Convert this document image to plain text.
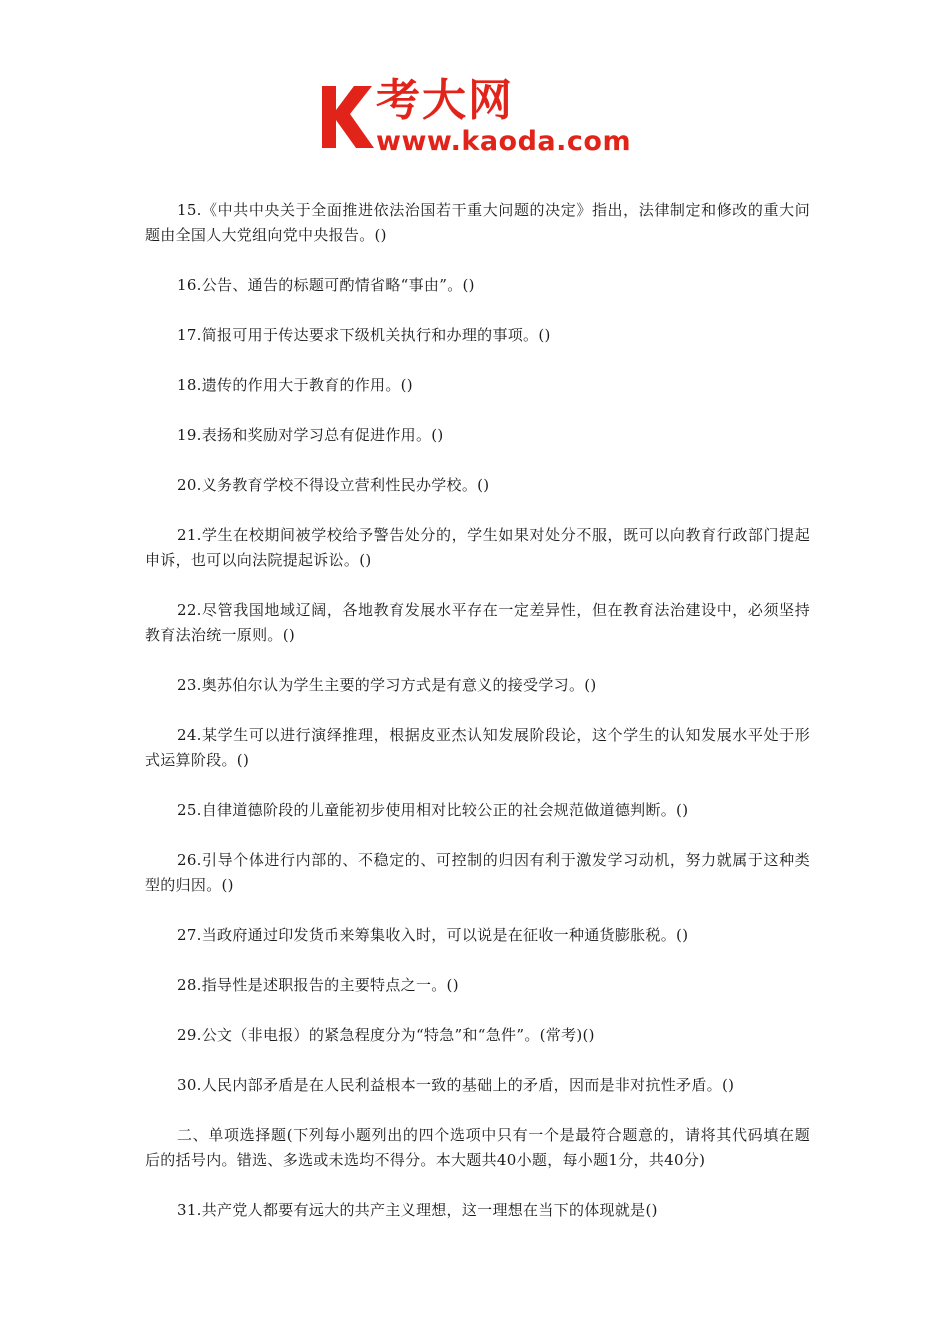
考大网
www.kaoda.com

15.《中共中央关于全面推进依法治国若干重大问题的决定》指出，法律制定和修改的重大问题由全国人大党组向党中央报告。()

16.公告、通告的标题可酌情省略“事由”。()

17.简报可用于传达要求下级机关执行和办理的事项。()

18.遗传的作用大于教育的作用。()

19.表扬和奖励对学习总有促进作用。()

20.义务教育学校不得设立营利性民办学校。()

21.学生在校期间被学校给予警告处分的，学生如果对处分不服，既可以向教育行政部门提起申诉，也可以向法院提起诉讼。()

22.尽管我国地域辽阔，各地教育发展水平存在一定差异性，但在教育法治建设中，必须坚持教育法治统一原则。()

23.奥苏伯尔认为学生主要的学习方式是有意义的接受学习。()

24.某学生可以进行演绎推理，根据皮亚杰认知发展阶段论，这个学生的认知发展水平处于形式运算阶段。()

25.自律道德阶段的儿童能初步使用相对比较公正的社会规范做道德判断。()

26.引导个体进行内部的、不稳定的、可控制的归因有利于激发学习动机，努力就属于这种类型的归因。()

27.当政府通过印发货币来筹集收入时，可以说是在征收一种通货膨胀税。()

28.指导性是述职报告的主要特点之一。()

29.公文（非电报）的紧急程度分为“特急”和“急件”。(常考)()

30.人民内部矛盾是在人民利益根本一致的基础上的矛盾，因而是非对抗性矛盾。()

二、单项选择题(下列每小题列出的四个选项中只有一个是最符合题意的，请将其代码填在题后的括号内。错选、多选或未选均不得分。本大题共40小题，每小题1分，共40分)

31.共产党人都要有远大的共产主义理想，这一理想在当下的体现就是()
